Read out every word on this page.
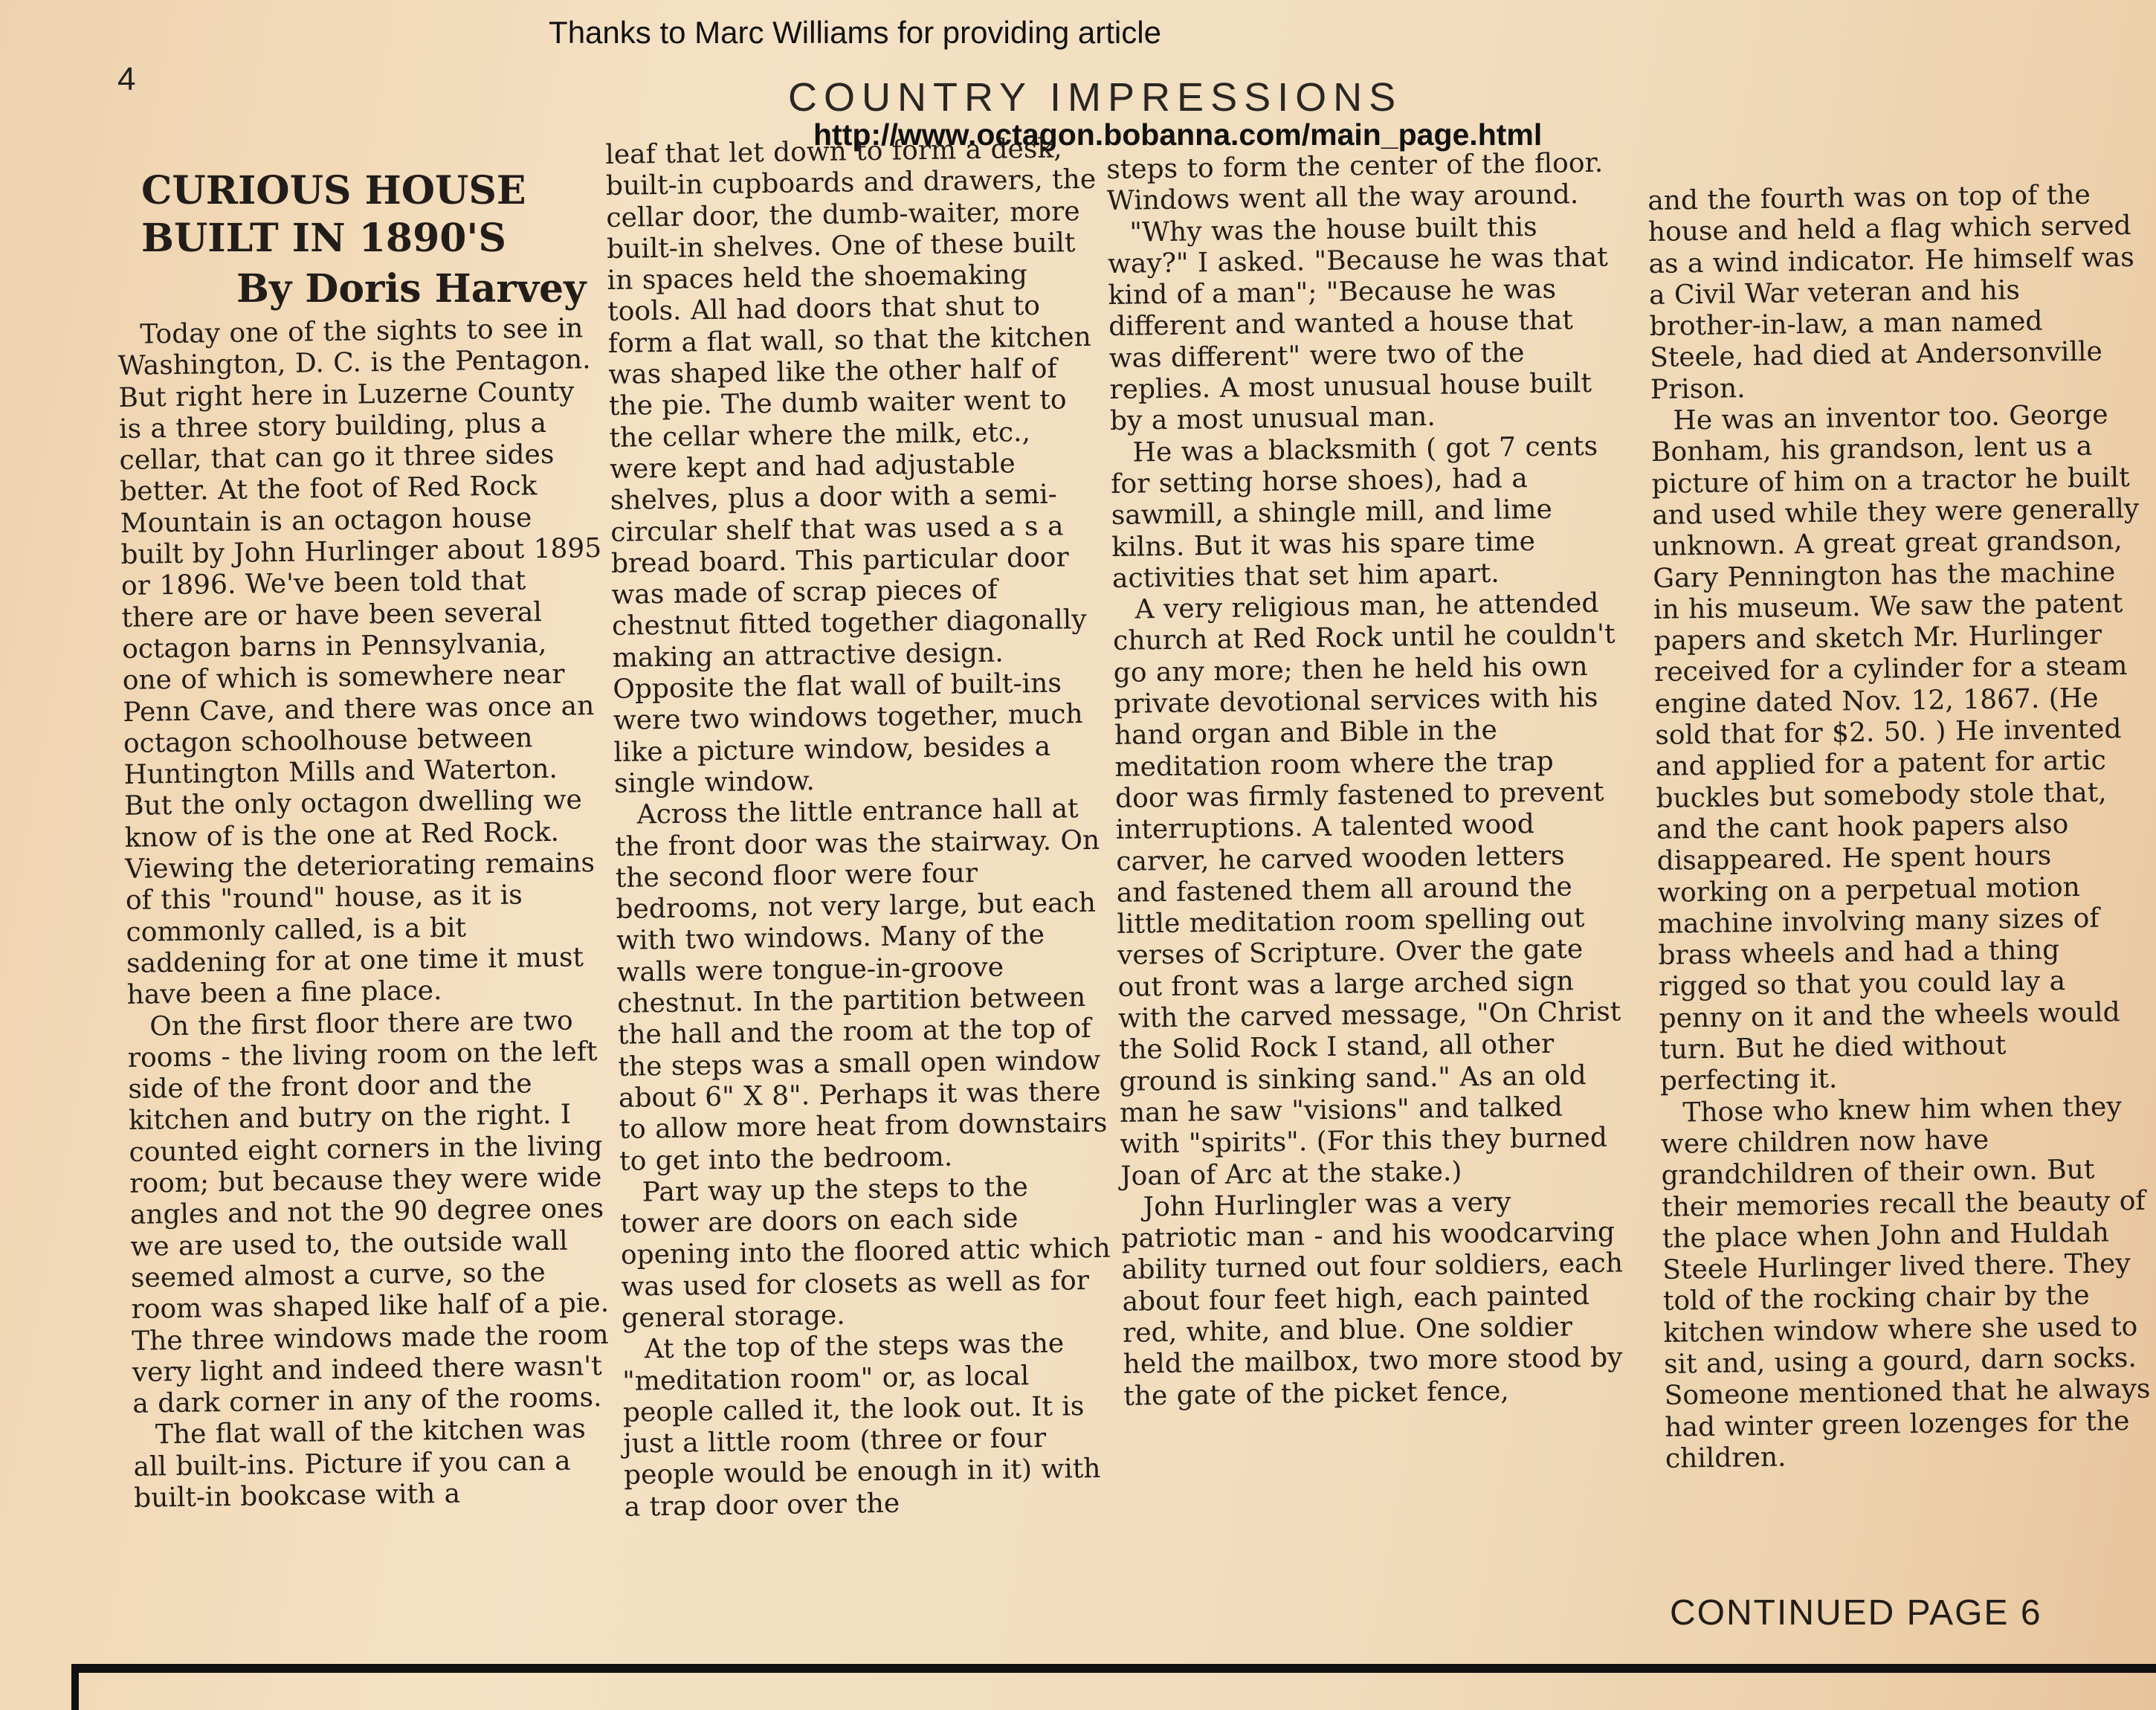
Thanks to Marc Williams for providing article
4	COUNTRY IMPRESSIONS
http://www.octagon.bobanna.com/main_page.html
CURIOUS HOUSE BUILT IN 1890'S
By Doris Harvey

Today one of the sights to see in Washington, D. C. is the Pentagon. But right here in Luzerne County is a three story building, plus a cellar, that can go it three sides better. At the foot of Red Rock Mountain is an octagon house built by John Hurlinger about 1895 or 1896. We've been told that there are or have been several octagon barns in Pennsylvania, one of which is somewhere near Penn Cave, and there was once an octagon schoolhouse between Huntington Mills and Waterton. But the only octagon dwelling we know of is the one at Red Rock. Viewing the deteriorating remains of this "round" house, as it is commonly called, is a bit saddening for at one time it must have been a fine place.

On the first floor there are two rooms - the living room on the left side of the front door and the kitchen and butry on the right. I counted eight corners in the living room; but because they were wide angles and not the 90 degree ones we are used to, the outside wall seemed almost a curve, so the room was shaped like half of a pie. The three windows made the room very light and indeed there wasn't a dark corner in any of the rooms.

The flat wall of the kitchen was all built-ins. Picture if you can a built-in bookcase with a

leaf that let down to form a desk, built-in cupboards and drawers, the cellar door, the dumb-waiter, more built-in shelves. One of these built in spaces held the shoemaking tools. All had doors that shut to form a flat wall, so that the kitchen was shaped like the other half of the pie. The dumb waiter went to the cellar where the milk, etc., were kept and had adjustable shelves, plus a door with a semi-circular shelf that was used a s a bread board. This particular door was made of scrap pieces of chestnut fitted together diagonally making an attractive design. Opposite the flat wall of built-ins were two windows together, much like a picture window, besides a single window.

Across the little entrance hall at the front door was the stairway. On the second floor were four bedrooms, not very large, but each with two windows. Many of the walls were tongue-in-groove chestnut. In the partition between the hall and the room at the top of the steps was a small open window about 6" X 8". Perhaps it was there to allow more heat from downstairs to get into the bedroom.

Part way up the steps to the tower are doors on each side opening into the floored attic which was used for closets as well as for general storage.

At the top of the steps was the "meditation room" or, as local people called it, the look out. It is just a little room (three or four people would be enough in it) with a trap door over the

steps to form the center of the floor. Windows went all the way around.

"Why was the house built this way?" I asked. "Because he was that kind of a man"; "Because he was different and wanted a house that was different" were two of the replies. A most unusual house built by a most unusual man.

He was a blacksmith ( got 7 cents for setting horse shoes), had a sawmill, a shingle mill, and lime kilns. But it was his spare time activities that set him apart.

A very religious man, he attended church at Red Rock until he couldn't go any more; then he held his own private devotional services with his hand organ and Bible in the meditation room where the trap door was firmly fastened to prevent interruptions. A talented wood carver, he carved wooden letters and fastened them all around the little meditation room spelling out verses of Scripture. Over the gate out front was a large arched sign with the carved message, "On Christ the Solid Rock I stand, all other ground is sinking sand." As an old man he saw "visions" and talked with "spirits". (For this they burned Joan of Arc at the stake.)

John Hurlingler was a very patriotic man - and his woodcarving ability turned out four soldiers, each about four feet high, each painted red, white, and blue. One soldier held the mailbox, two more stood by the gate of the picket fence,

and the fourth was on top of the house and held a flag which served as a wind indicator. He himself was a Civil War veteran and his brother-in-law, a man named Steele, had died at Andersonville Prison.

He was an inventor too. George Bonham, his grandson, lent us a picture of him on a tractor he built and used while they were generally unknown. A great great grandson, Gary Pennington has the machine in his museum. We saw the patent papers and sketch Mr. Hurlinger received for a cylinder for a steam engine dated Nov. 12, 1867. (He sold that for $2. 50. ) He invented and applied for a patent for artic buckles but somebody stole that, and the cant hook papers also disappeared. He spent hours working on a perpetual motion machine involving many sizes of brass wheels and had a thing rigged so that you could lay a penny on it and the wheels would turn. But he died without perfecting it.

Those who knew him when they were children now have grandchildren of their own. But their memories recall the beauty of the place when John and Huldah Steele Hurlinger lived there. They told of the rocking chair by the kitchen window where she used to sit and, using a gourd, darn socks. Someone mentioned that he always had winter green lozenges for the children.

CONTINUED PAGE 6
